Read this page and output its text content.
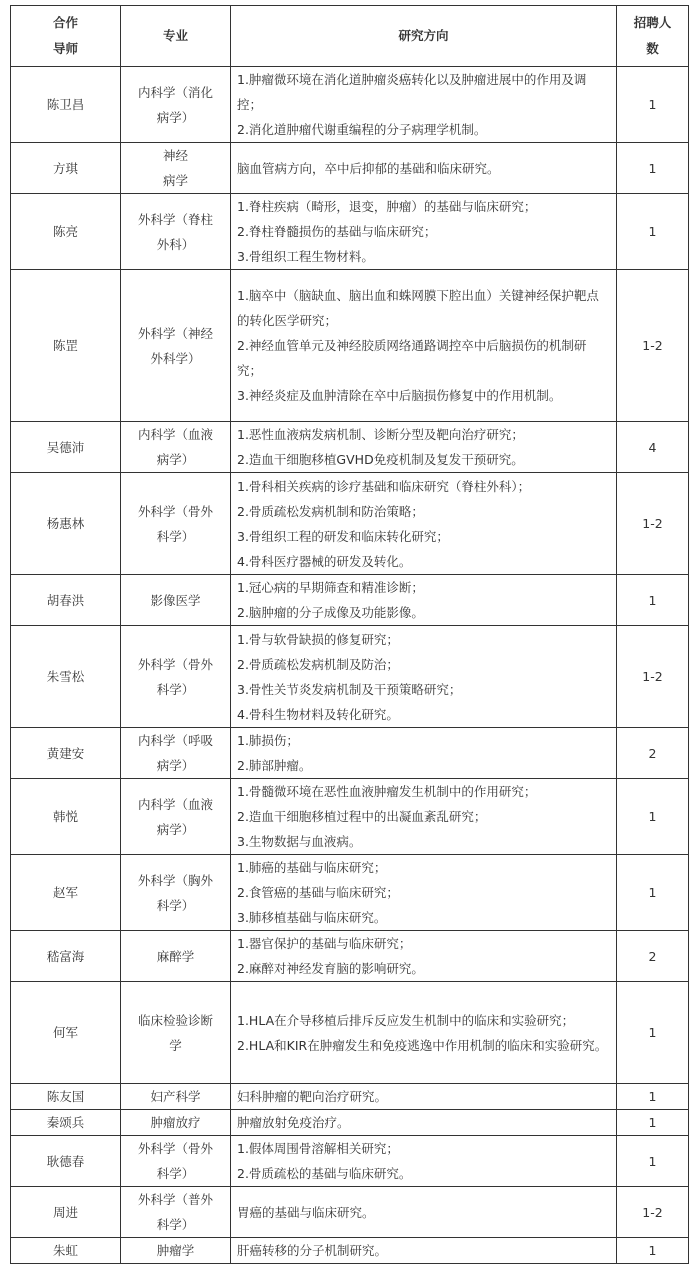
合作
导师	专业	研究方向	招聘人
数

陈卫昌	内科学（消化
病学）	1.肿瘤微环境在消化道肿瘤炎癌转化以及肿瘤进展中的作用及调控；
2.消化道肿瘤代谢重编程的分子病理学机制。	1
方琪	神经
病学	脑血管病方向，卒中后抑郁的基础和临床研究。	1
陈亮	外科学（脊柱
外科）	1.脊柱疾病（畸形，退变，肿瘤）的基础与临床研究；
2.脊柱脊髓损伤的基础与临床研究；
3.骨组织工程生物材料。	1
陈罡	外科学（神经
外科学）	1.脑卒中（脑缺血、脑出血和蛛网膜下腔出血）关键神经保护靶点的转化医学研究；
2.神经血管单元及神经胶质网络通路调控卒中后脑损伤的机制研究；
3.神经炎症及血肿清除在卒中后脑损伤修复中的作用机制。	1-2
吴德沛	内科学（血液
病学）	1.恶性血液病发病机制、诊断分型及靶向治疗研究；
2.造血干细胞移植GVHD免疫机制及复发干预研究。	4
杨惠林	外科学（骨外
科学）	1.骨科相关疾病的诊疗基础和临床研究（脊柱外科）；
2.骨质疏松发病机制和防治策略；
3.骨组织工程的研发和临床转化研究；
4.骨科医疗器械的研发及转化。	1-2
胡春洪	影像医学	1.冠心病的早期筛查和精准诊断；
2.脑肿瘤的分子成像及功能影像。	1
朱雪松	外科学（骨外
科学）	1.骨与软骨缺损的修复研究；
2.骨质疏松发病机制及防治；
3.骨性关节炎发病机制及干预策略研究；
4.骨科生物材料及转化研究。	1-2
黄建安	内科学（呼吸
病学）	1.肺损伤；
2.肺部肿瘤。	2
韩悦	内科学（血液
病学）	1.骨髓微环境在恶性血液肿瘤发生机制中的作用研究；
2.造血干细胞移植过程中的出凝血紊乱研究；
3.生物数据与血液病。	1
赵军	外科学（胸外
科学）	1.肺癌的基础与临床研究；
2.食管癌的基础与临床研究；
3.肺移植基础与临床研究。	1
嵇富海	麻醉学	1.器官保护的基础与临床研究；
2.麻醉对神经发育脑的影响研究。	2
何军	临床检验诊断
学	1.HLA在介导移植后排斥反应发生机制中的临床和实验研究；
2.HLA和KIR在肿瘤发生和免疫逃逸中作用机制的临床和实验研究。	1
陈友国	妇产科学	妇科肿瘤的靶向治疗研究。	1
秦颂兵	肿瘤放疗	肿瘤放射免疫治疗。	1
耿德春	外科学（骨外
科学）	1.假体周围骨溶解相关研究；
2.骨质疏松的基础与临床研究。	1
周进	外科学（普外
科学）	胃癌的基础与临床研究。	1-2
朱虹	肿瘤学	肝癌转移的分子机制研究。	1
